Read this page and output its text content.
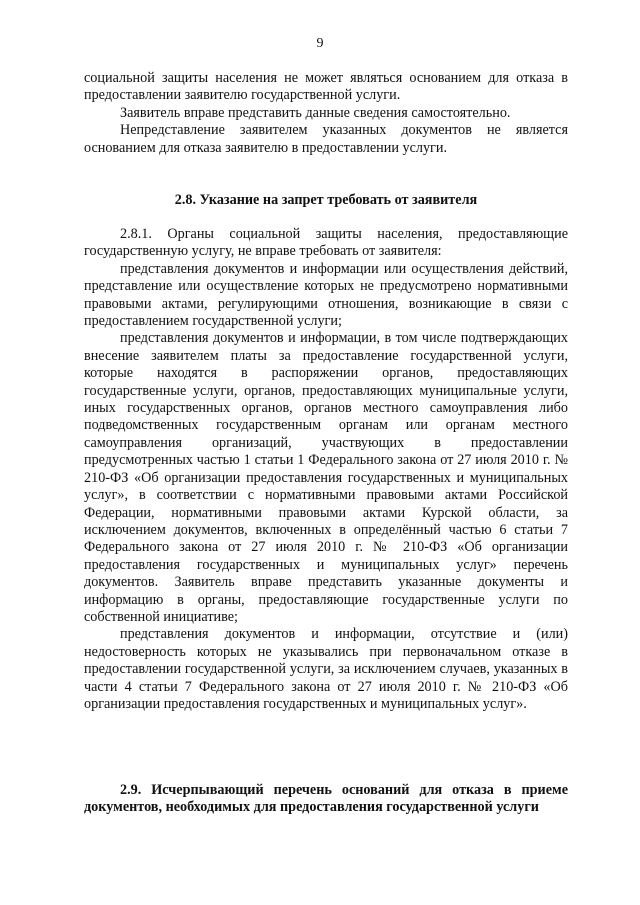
9

социальной защиты населения не может являться основанием для отказа в предоставлении заявителю государственной услуги.

Заявитель вправе представить данные сведения самостоятельно.

Непредставление заявителем указанных документов не является основанием для отказа заявителю в предоставлении услуги.

2.8. Указание на запрет требовать от заявителя

2.8.1. Органы социальной защиты населения, предоставляющие государственную услугу, не вправе требовать от заявителя:

представления документов и информации или осуществления действий, представление или осуществление которых не предусмотрено нормативными правовыми актами, регулирующими отношения, возникающие в связи с предоставлением государственной услуги;

представления документов и информации, в том числе подтверждающих внесение заявителем платы за предоставление государственной услуги, которые находятся в распоряжении органов, предоставляющих государственные услуги, органов, предоставляющих муниципальные услуги, иных государственных органов, органов местного самоуправления либо подведомственных государственным органам или органам местного самоуправления организаций, участвующих в предоставлении предусмотренных частью 1 статьи 1 Федерального закона от 27 июля 2010 г. № 210-ФЗ «Об организации предоставления государственных и муниципальных услуг», в соответствии с нормативными правовыми актами Российской Федерации, нормативными правовыми актами Курской области, за исключением документов, включенных в определённый частью 6 статьи 7 Федерального закона от 27 июля 2010 г. № 210-ФЗ «Об организации предоставления государственных и муниципальных услуг» перечень документов. Заявитель вправе представить указанные документы и информацию в органы, предоставляющие государственные услуги по собственной инициативе;

представления документов и информации, отсутствие и (или) недостоверность которых не указывались при первоначальном отказе в предоставлении государственной услуги, за исключением случаев, указанных в части 4 статьи 7 Федерального закона от 27 июля 2010 г. № 210-ФЗ «Об организации предоставления государственных и муниципальных услуг».

2.9. Исчерпывающий перечень оснований для отказа в приеме документов, необходимых для предоставления государственной услуги
